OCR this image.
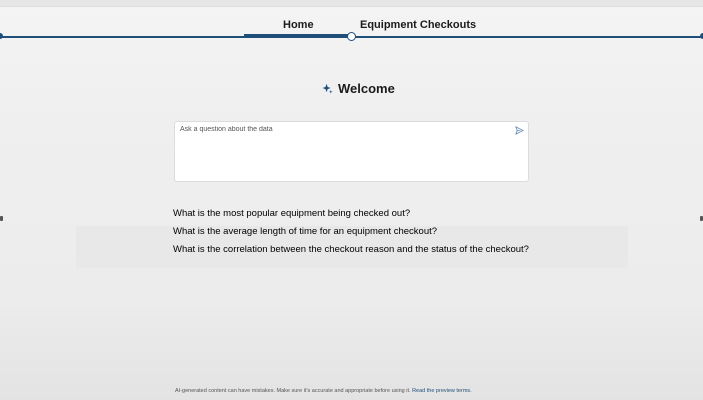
Home	Equipment Checkouts
Welcome
Ask a question about the data
What is the most popular equipment being checked out?
What is the average length of time for an equipment checkout?
What is the correlation between the checkout reason and the status of the checkout?
AI-generated content can have mistakes. Make sure it's accurate and appropriate before using it. Read the preview terms.
